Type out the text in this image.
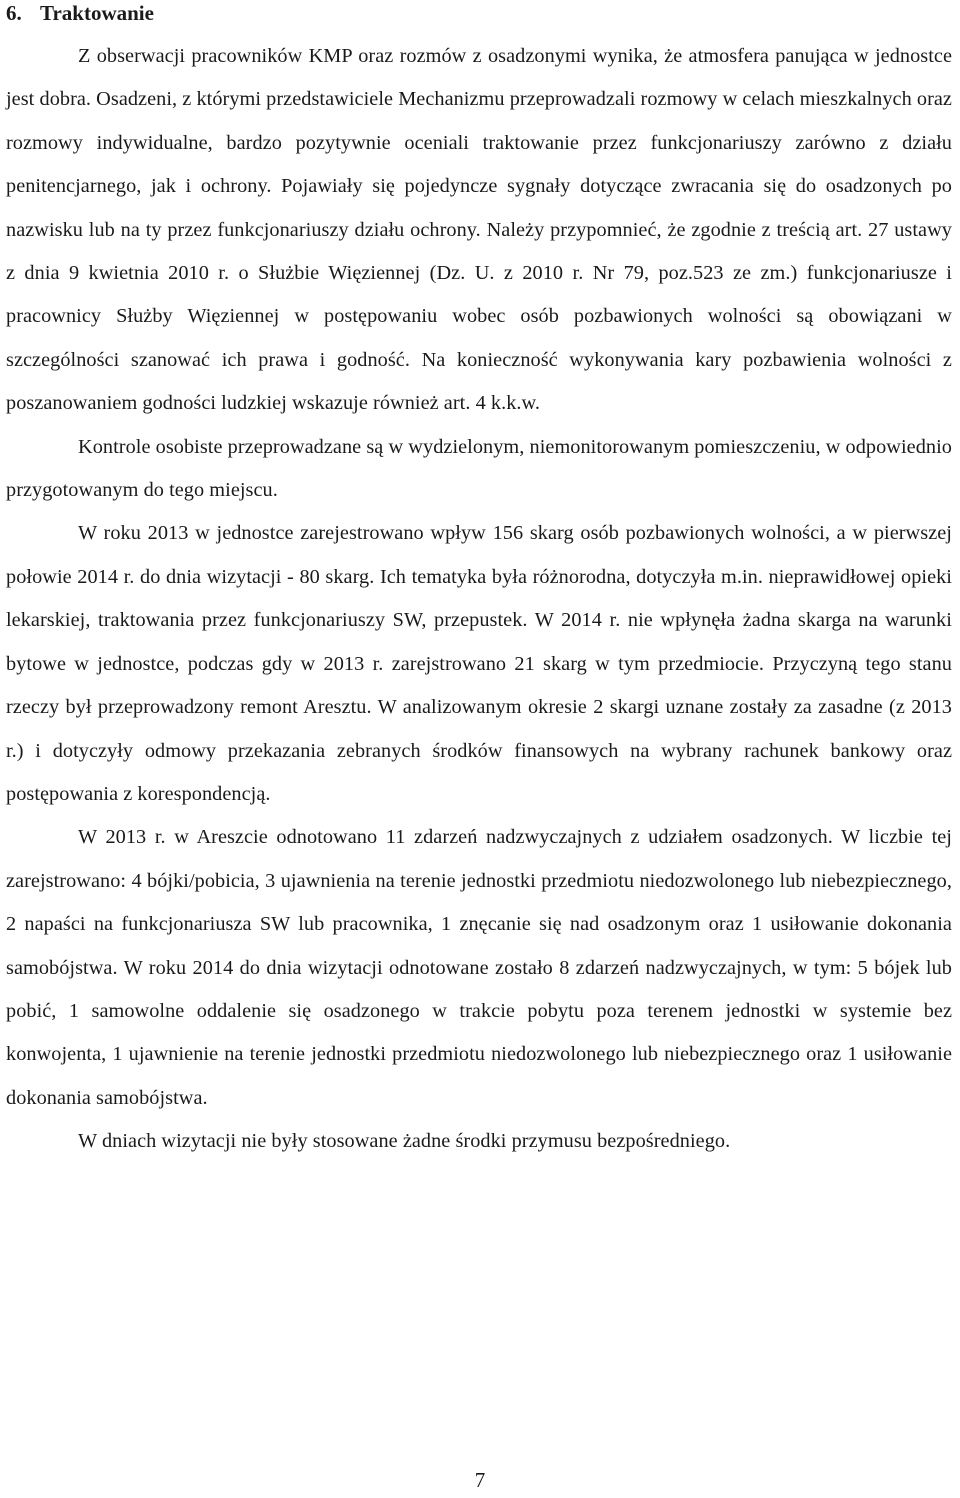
6. Traktowanie

Z obserwacji pracowników KMP oraz rozmów z osadzonymi wynika, że atmosfera panująca w jednostce jest dobra. Osadzeni, z którymi przedstawiciele Mechanizmu przeprowadzali rozmowy w celach mieszkalnych oraz rozmowy indywidualne, bardzo pozytywnie oceniali traktowanie przez funkcjonariuszy zarówno z działu penitencjarnego, jak i ochrony. Pojawiały się pojedyncze sygnały dotyczące zwracania się do osadzonych po nazwisku lub na ty przez funkcjonariuszy działu ochrony. Należy przypomnieć, że zgodnie z treścią art. 27 ustawy z dnia 9 kwietnia 2010 r. o Służbie Więziennej (Dz. U. z 2010 r. Nr 79, poz.523 ze zm.) funkcjonariusze i pracownicy Służby Więziennej w postępowaniu wobec osób pozbawionych wolności są obowiązani w szczególności szanować ich prawa i godność. Na konieczność wykonywania kary pozbawienia wolności z poszanowaniem godności ludzkiej wskazuje również art. 4 k.k.w.

Kontrole osobiste przeprowadzane są w wydzielonym, niemonitorowanym pomieszczeniu, w odpowiednio przygotowanym do tego miejscu.

W roku 2013 w jednostce zarejestrowano wpływ 156 skarg osób pozbawionych wolności, a w pierwszej połowie 2014 r. do dnia wizytacji - 80 skarg. Ich tematyka była różnorodna, dotyczyła m.in. nieprawidłowej opieki lekarskiej, traktowania przez funkcjonariuszy SW, przepustek. W 2014 r. nie wpłynęła żadna skarga na warunki bytowe w jednostce, podczas gdy w 2013 r. zarejstrowano 21 skarg w tym przedmiocie. Przyczyną tego stanu rzeczy był przeprowadzony remont Aresztu. W analizowanym okresie 2 skargi uznane zostały za zasadne (z 2013 r.) i dotyczyły odmowy przekazania zebranych środków finansowych na wybrany rachunek bankowy oraz postępowania z korespondencją.

W 2013 r. w Areszcie odnotowano 11 zdarzeń nadzwyczajnych z udziałem osadzonych. W liczbie tej zarejstrowano: 4 bójki/pobicia, 3 ujawnienia na terenie jednostki przedmiotu niedozwolonego lub niebezpiecznego, 2 napaści na funkcjonariusza SW lub pracownika, 1 znęcanie się nad osadzonym oraz 1 usiłowanie dokonania samobójstwa. W roku 2014 do dnia wizytacji odnotowane zostało 8 zdarzeń nadzwyczajnych, w tym: 5 bójek lub pobić, 1 samowolne oddalenie się osadzonego w trakcie pobytu poza terenem jednostki w systemie bez konwojenta, 1 ujawnienie na terenie jednostki przedmiotu niedozwolonego lub niebezpiecznego oraz 1 usiłowanie dokonania samobójstwa.

W dniach wizytacji nie były stosowane żadne środki przymusu bezpośredniego.

7
